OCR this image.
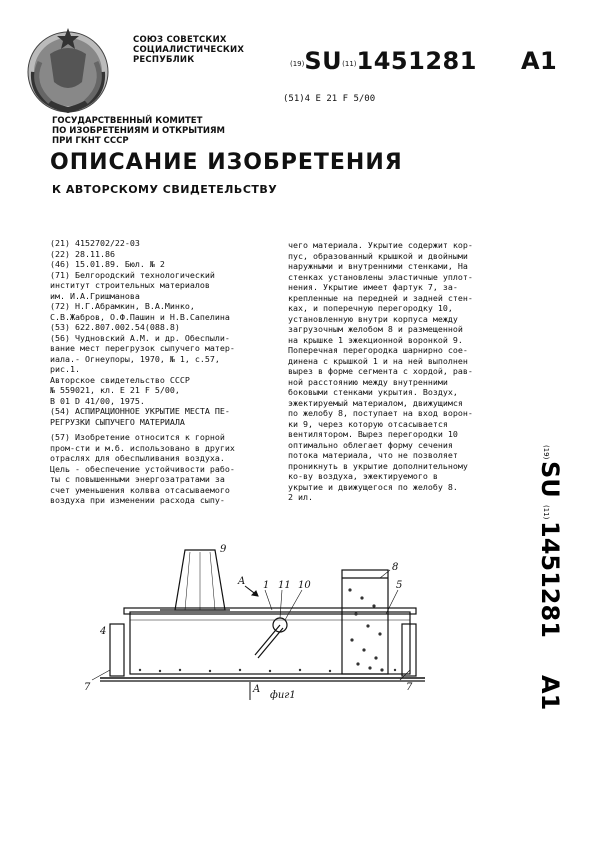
СОЮЗ СОВЕТСКИХ
СОЦИАЛИСТИЧЕСКИХ
РЕСПУБЛИК	(19)SU(11)1451281 A1
(51)4 E 21 F 5/00
ГОСУДАРСТВЕННЫЙ КОМИТЕТ
ПО ИЗОБРЕТЕНИЯМ И ОТКРЫТИЯМ
ПРИ ГКНТ СССР
ОПИСАНИЕ ИЗОБРЕТЕНИЯ
К АВТОРСКОМУ СВИДЕТЕЛЬСТВУ
(21) 4152702/22-03
(22) 28.11.86
(46) 15.01.89. Бюл. № 2
(71) Белгородский технологический
институт строительных материалов
им. И.А.Гришманова
(72) Н.Г.Абрамкин, В.А.Минко,
С.В.Жабров, О.Ф.Пашин и Н.В.Сапелина
(53) 622.807.002.54(088.8)
(56) Чудновский А.М. и др. Обеспыли-
вание мест перегрузок сыпучего матер-
иала.- Огнеупоры, 1970, № 1, с.57,
рис.1.
Авторское свидетельство СССР
№ 559021, кл. Е 21 F 5/00,
В 01 D 41/00, 1975.
(54) АСПИРАЦИОННОЕ УКРЫТИЕ МЕСТА ПЕ-
РЕГРУЗКИ СЫПУЧЕГО МАТЕРИАЛА
(57) Изобретение относится к горной
пром-сти и м.б. использовано в других
отраслях для обеспыливания воздуха.
Цель - обеспечение устойчивости рабо-
ты с повышенными энергозатратами за
счет уменьшения колвва отсасываемого
воздуха при изменении расхода сыпу-
чего материала. Укрытие содержит кор-
пус, образованный крышкой и двойными
наружными и внутренними стенками, На
стенках установлены эластичные уплот-
нения. Укрытие имеет фартук 7, за-
крепленные на передней и задней стен-
ках, и поперечную перегородку 10,
установленную внутри корпуса между
загрузочным желобом 8 и размещенной
на крышке 1 эжекционной воронкой 9.
Поперечная перегородка шарнирно сое-
динена с крышкой 1 и на ней выполнен
вырез в форме сегмента с хордой, рав-
ной расстоянию между внутренними
боковыми стенками укрытия. Воздух,
эжектируемый материалом, движущимся
по желобу 8, поступает на вход ворон-
ки 9, через которую отсасывается
вентилятором. Вырез перегородки 10
оптимально облегает форму сечения
потока материала, что не позволяет
проникнуть в укрытие дополнительному
ко-ву воздуха, эжектируемого в
укрытие и движущегося по желобу 8.
2 ил.
(19)
SU
(11)
1451281
A1
9
A 1 11 10
8
5
4
7	7
A
фиг1
